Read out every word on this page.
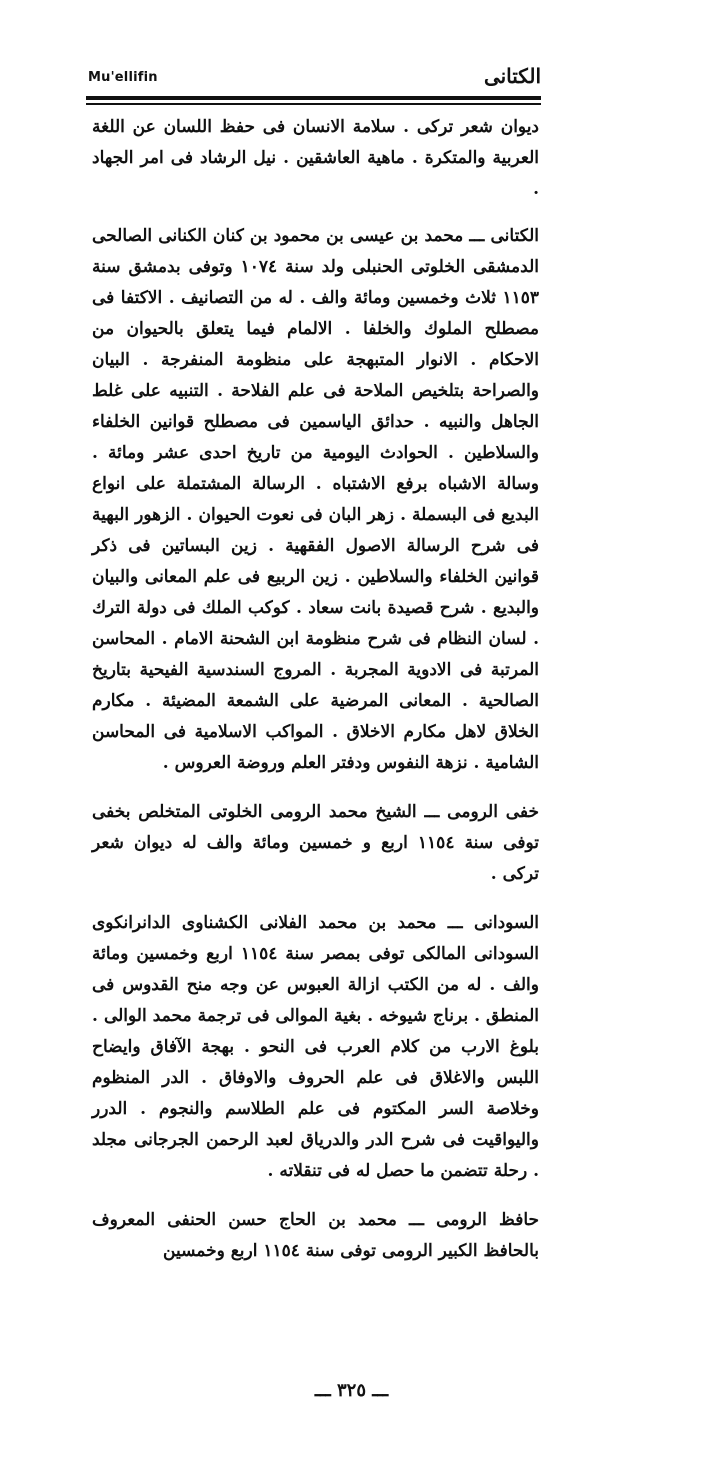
Mu'ellifin	الكتانى

ديوان شعر تركى . سلامة الانسان فى حفظ اللسان عن اللغة العربية والمتكرة . ماهية العاشقين . نيل الرشاد فى امر الجهاد .

الكتانى ـــ محمد بن عيسى بن محمود بن كنان الكنانى الصالحى الدمشقى الخلوتى الحنبلى ولد سنة ١٠٧٤ وتوفى بدمشق سنة ١١٥٣ ثلاث وخمسين ومائة والف . له من التصانيف . الاكتفا فى مصطلح الملوك والخلفا . الالمام فيما يتعلق بالحيوان من الاحكام . الانوار المتبهجة على منظومة المنفرجة . البيان والصراحة بتلخيص الملاحة فى علم الفلاحة . التنبيه على غلط الجاهل والنبيه . حدائق الياسمين فى مصطلح قوانين الخلفاء والسلاطين . الحوادث اليومية من تاريخ احدى عشر ومائة . وسالة الاشباه برفع الاشتباه . الرسالة المشتملة على انواع البديع فى البسملة . زهر البان فى نعوت الحيوان . الزهور البهية فى شرح الرسالة الاصول الفقهية . زين البساتين فى ذكر قوانين الخلفاء والسلاطين . زين الربيع فى علم المعانى والبيان والبديع . شرح قصيدة بانت سعاد . كوكب الملك فى دولة الترك . لسان النظام فى شرح منظومة ابن الشحنة الامام . المحاسن المرتبة فى الادوية المجربة . المروج السندسية الفيحية بتاريخ الصالحية . المعانى المرضية على الشمعة المضيئة . مكارم الخلاق لاهل مكارم الاخلاق . المواكب الاسلامية فى المحاسن الشامية . نزهة النفوس ودفتر العلم وروضة العروس .

خفى الرومى ـــ الشيخ محمد الرومى الخلوتى المتخلص بخفى توفى سنة ١١٥٤ اربع و خمسين ومائة والف له ديوان شعر تركى .

السودانى ـــ محمد بن محمد الفلانى الكشناوى الدانرانكوى السودانى المالكى توفى بمصر سنة ١١٥٤ اربع وخمسين ومائة والف . له من الكتب ازالة العبوس عن وجه منح القدوس فى المنطق . برناج شيوخه . بغية الموالى فى ترجمة محمد الوالى . بلوغ الارب من كلام العرب فى النحو . بهجة الآفاق وايضاح اللبس والاغلاق فى علم الحروف والاوفاق . الدر المنظوم وخلاصة السر المكتوم فى علم الطلاسم والنجوم . الدرر واليواقيت فى شرح الدر والدرياق لعبد الرحمن الجرجانى مجلد . رحلة تتضمن ما حصل له فى تنقلاته .

حافظ الرومى ـــ محمد بن الحاج حسن الحنفى المعروف بالحافظ الكبير الرومى توفى سنة ١١٥٤ اربع وخمسين

ـــ ٣٢٥ ـــ
